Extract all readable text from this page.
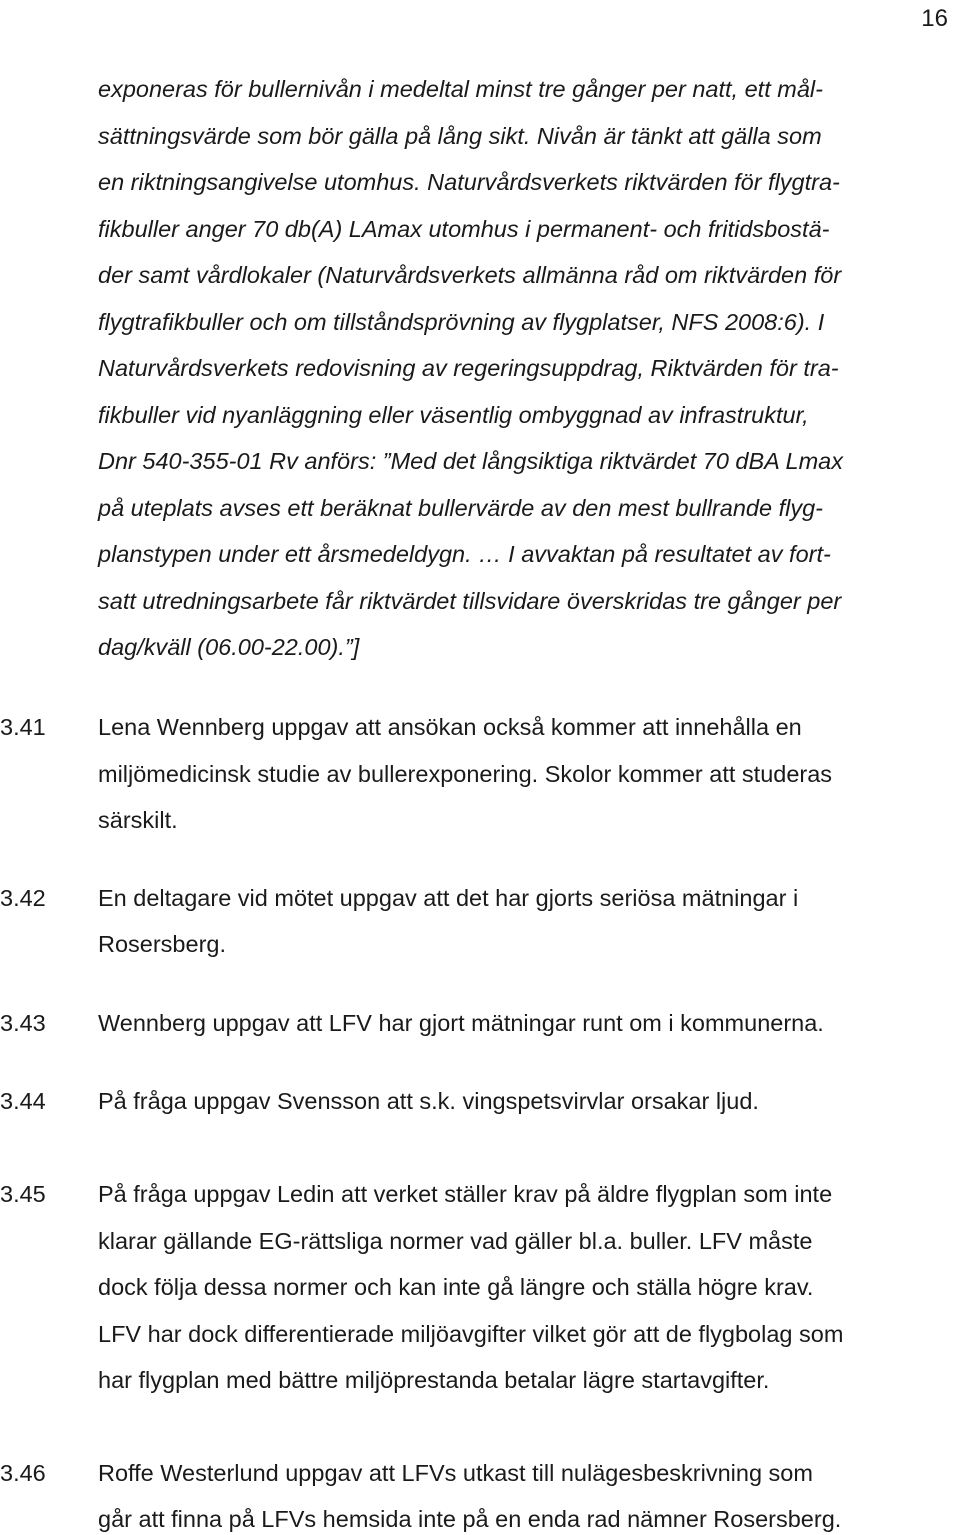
16
exponeras för bullernivån i medeltal minst tre gånger per natt, ett mål-
sättningsvärde som bör gälla på lång sikt. Nivån är tänkt att gälla som
en riktningsangivelse utomhus. Naturvårdsverkets riktvärden för flygtra-
fikbuller anger 70 db(A) LAmax utomhus i permanent- och fritidsbostä-
der samt vårdlokaler (Naturvårdsverkets allmänna råd om riktvärden för
flygtrafikbuller och om tillståndsprövning av flygplatser, NFS 2008:6). I
Naturvårdsverkets redovisning av regeringsuppdrag, Riktvärden för tra-
fikbuller vid nyanläggning eller väsentlig ombyggnad av infrastruktur,
Dnr 540-355-01 Rv anförs: ”Med det långsiktiga riktvärdet 70 dBA Lmax
på uteplats avses ett beräknat bullervärde av den mest bullrande flyg-
planstypen under ett årsmedeldygn. … I avvaktan på resultatet av fort-
satt utredningsarbete får riktvärdet tillsvidare överskridas tre gånger per
dag/kväll (06.00-22.00).”]
3.41 Lena Wennberg uppgav att ansökan också kommer att innehålla en
miljömedicinsk studie av bullerexponering. Skolor kommer att studeras
särskilt.
3.42 En deltagare vid mötet uppgav att det har gjorts seriösa mätningar i
Rosersberg.
3.43 Wennberg uppgav att LFV har gjort mätningar runt om i kommunerna.
3.44 På fråga uppgav Svensson att s.k. vingspetsvirvlar orsakar ljud.
3.45 På fråga uppgav Ledin att verket ställer krav på äldre flygplan som inte
klarar gällande EG-rättsliga normer vad gäller bl.a. buller. LFV måste
dock följa dessa normer och kan inte gå längre och ställa högre krav.
LFV har dock differentierade miljöavgifter vilket gör att de flygbolag som
har flygplan med bättre miljöprestanda betalar lägre startavgifter.
3.46 Roffe Westerlund uppgav att LFVs utkast till nulägesbeskrivning som
går att finna på LFVs hemsida inte på en enda rad nämner Rosersberg.
